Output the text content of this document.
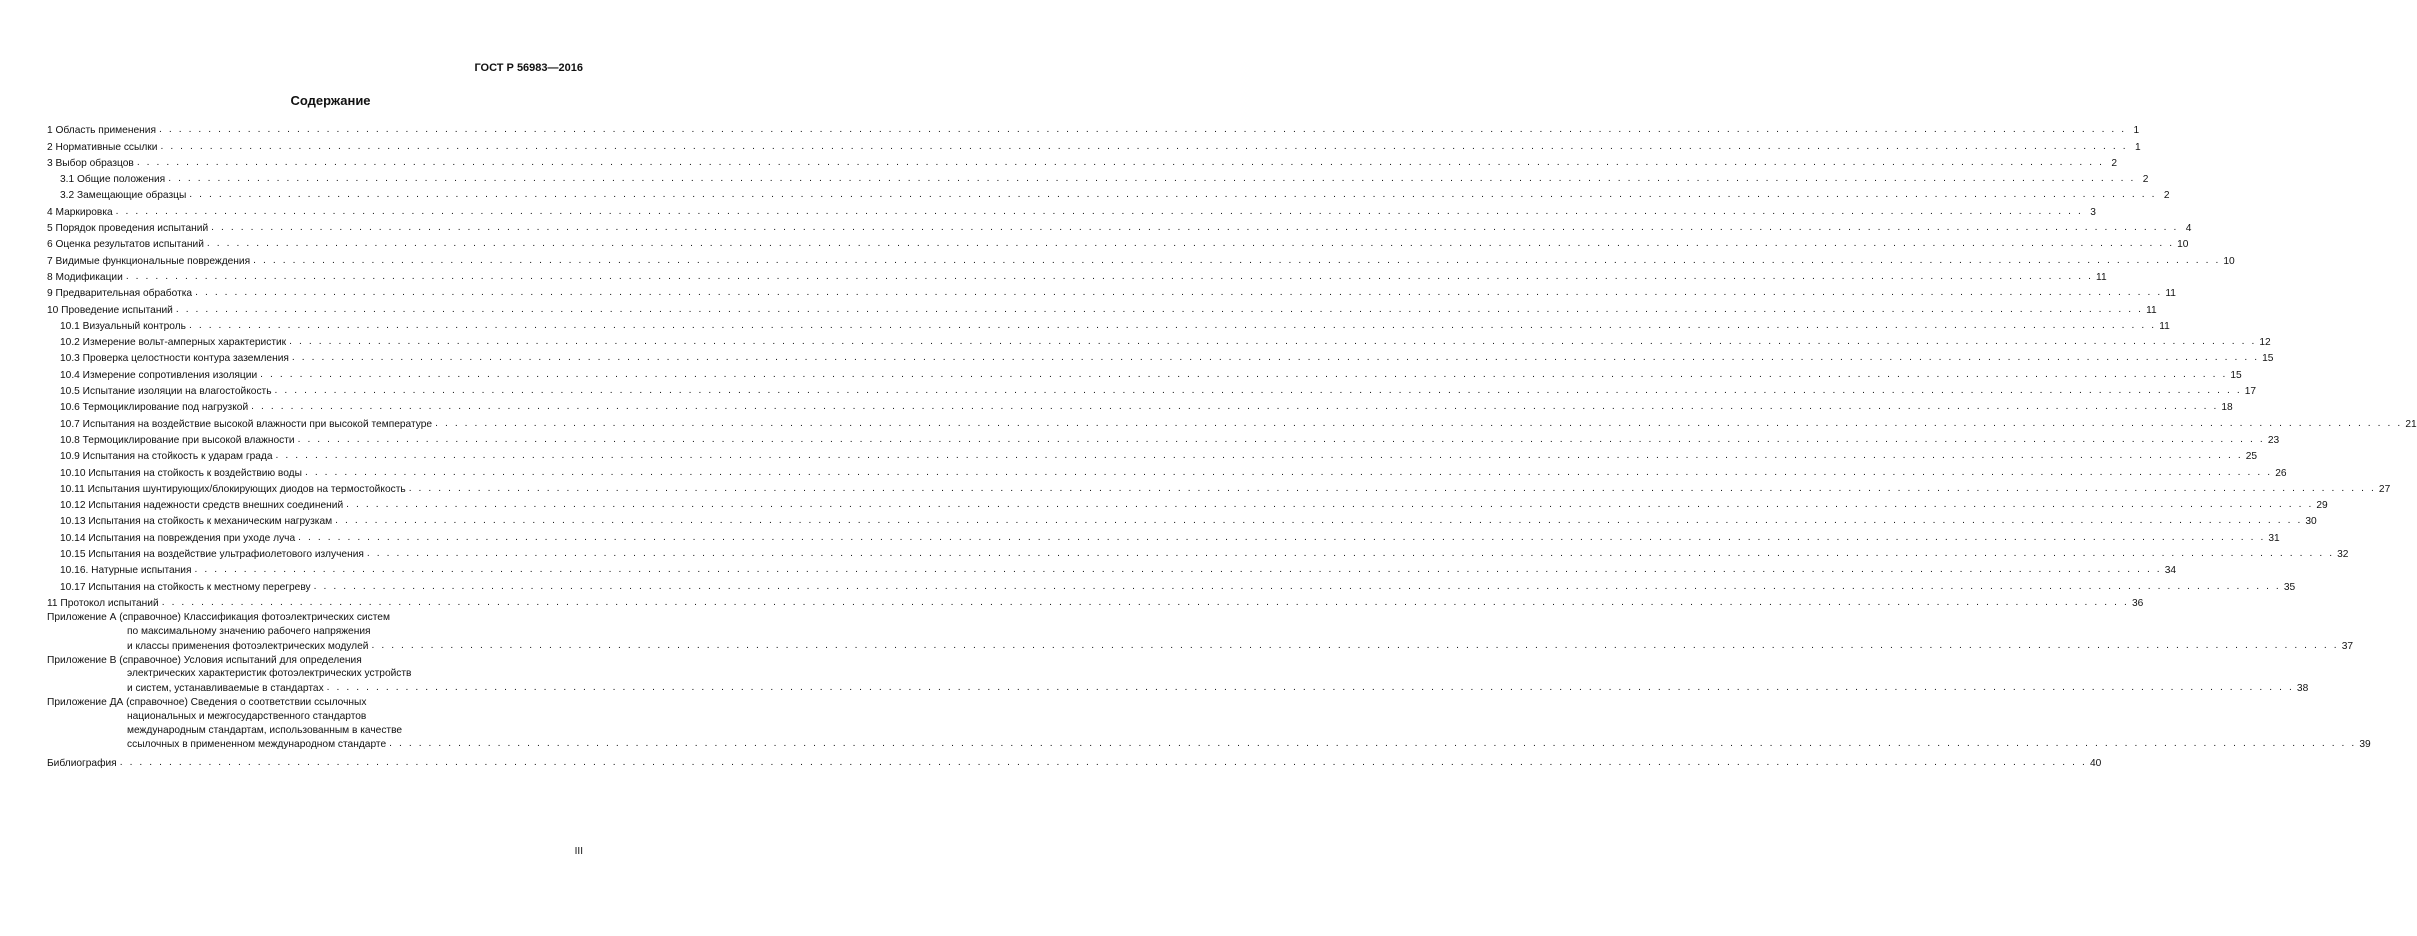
ГОСТ Р 56983—2016
Содержание
1 Область применения . . . . . . . . . . . . . . . . . . . . . . . . . . . . . . . . . . . . . . . . . . . . . . . . . . . . . . . . . . . . . . . . . . . . . . . . . . . . . . . . . . . . . . . . . . . . . . . . . . . . . . . . . . . . . . . . . . . . . . . . . . . . . . . . . . . . . . . . . . . . . . . . . . . . . . . . . . . . . . . . . . . . . . . . . . . . . . . . . . . . . . . . . . . . . . . . . . . . . . . . 1
2 Нормативные ссылки . . . . . . . . . . . . . . . . . . . . . . . . . . . . . . . . . . . . . . . . . . . . . . . . . . . . . . . . . . . . . . . . . . . . . . . . . . . . . . . . . . . . . . . . . . . . . . . . . . . . . . . . . . . . . . . . . . . . . . . . . . . . . . . . . . . . . . . . . . . . . . . . . . . . . . . . . . . . . . . . . . . . . . . . . . . . . . . . . . . . . . . . . . . . . . . . . . . . . . . . 1
3 Выбор образцов . . . . . . . . . . . . . . . . . . . . . . . . . . . . . . . . . . . . . . . . . . . . . . . . . . . . . . . . . . . . . . . . . . . . . . . . . . . . . . . . . . . . . . . . . . . . . . . . . . . . . . . . . . . . . . . . . . . . . . . . . . . . . . . . . . . . . . . . . . . . . . . . . . . . . . . . . . . . . . . . . . . . . . . . . . . . . . . . . . . . . . . . . . . . . . . . . . . . . . . . 2
3.1 Общие положения . . . . . . . . . . . . . . . . . . . . . . . . . . . . . . . . . . . . . . . . . . . . . . . . . . . . . . . . . . . . . . . . . . . . . . . . . . . . . . . . . . . . . . . . . . . . . . . . . . . . . . . . . . . . . . . . . . . . . . . . . . . . . . . . . . . . . . . . . . . . . . . . . . . . . . . . . . . . . . . . . . . . . . . . . . . . . . . . . . . . . . . . . . . . . . . . . . . . . . . . 2
3.2 Замещающие образцы . . . . . . . . . . . . . . . . . . . . . . . . . . . . . . . . . . . . . . . . . . . . . . . . . . . . . . . . . . . . . . . . . . . . . . . . . . . . . . . . . . . . . . . . . . . . . . . . . . . . . . . . . . . . . . . . . . . . . . . . . . . . . . . . . . . . . . . . . . . . . . . . . . . . . . . . . . . . . . . . . . . . . . . . . . . . . . . . . . . . . . . . . . . . . . . . . . . . . . . . 2
4 Маркировка . . . . . . . . . . . . . . . . . . . . . . . . . . . . . . . . . . . . . . . . . . . . . . . . . . . . . . . . . . . . . . . . . . . . . . . . . . . . . . . . . . . . . . . . . . . . . . . . . . . . . . . . . . . . . . . . . . . . . . . . . . . . . . . . . . . . . . . . . . . . . . . . . . . . . . . . . . . . . . . . . . . . . . . . . . . . . . . . . . . . . . . . . . . . . . . . . . . . . . . . 3
5 Порядок проведения испытаний . . . . . . . . . . . . . . . . . . . . . . . . . . . . . . . . . . . . . . . . . . . . . . . . . . . . . . . . . . . . . . . . . . . . . . . . . . . . . . . . . . . . . . . . . . . . . . . . . . . . . . . . . . . . . . . . . . . . . . . . . . . . . . . . . . . . . . . . . . . . . . . . . . . . . . . . . . . . . . . . . . . . . . . . . . . . . . . . . . . . . . . . . . . . . . . . . . . . . . . . 4
6 Оценка результатов испытаний . . . . . . . . . . . . . . . . . . . . . . . . . . . . . . . . . . . . . . . . . . . . . . . . . . . . . . . . . . . . . . . . . . . . . . . . . . . . . . . . . . . . . . . . . . . . . . . . . . . . . . . . . . . . . . . . . . . . . . . . . . . . . . . . . . . . . . . . . . . . . . . . . . . . . . . . . . . . . . . . . . . . . . . . . . . . . . . . . . . . . . . . . . . . . . . . . . . . . . . . 10
7 Видимые функциональные повреждения . . . . . . . . . . . . . . . . . . . . . . . . . . . . . . . . . . . . . . . . . . . . . . . . . . . . . . . . . . . . . . . . . . . . . . . . . . . . . . . . . . . . . . . . . . . . . . . . . . . . . . . . . . . . . . . . . . . . . . . . . . . . . . . . . . . . . . . . . . . . . . . . . . . . . . . . . . . . . . . . . . . . . . . . . . . . . . . . . . . . . . . . . . . . . . . . . . . . . . . . 10
8 Модификации . . . . . . . . . . . . . . . . . . . . . . . . . . . . . . . . . . . . . . . . . . . . . . . . . . . . . . . . . . . . . . . . . . . . . . . . . . . . . . . . . . . . . . . . . . . . . . . . . . . . . . . . . . . . . . . . . . . . . . . . . . . . . . . . . . . . . . . . . . . . . . . . . . . . . . . . . . . . . . . . . . . . . . . . . . . . . . . . . . . . . . . . . . . . . . . . . . . . . . . . 11
9 Предварительная обработка . . . . . . . . . . . . . . . . . . . . . . . . . . . . . . . . . . . . . . . . . . . . . . . . . . . . . . . . . . . . . . . . . . . . . . . . . . . . . . . . . . . . . . . . . . . . . . . . . . . . . . . . . . . . . . . . . . . . . . . . . . . . . . . . . . . . . . . . . . . . . . . . . . . . . . . . . . . . . . . . . . . . . . . . . . . . . . . . . . . . . . . . . . . . . . . . . . . . . . . . 11
10 Проведение испытаний . . . . . . . . . . . . . . . . . . . . . . . . . . . . . . . . . . . . . . . . . . . . . . . . . . . . . . . . . . . . . . . . . . . . . . . . . . . . . . . . . . . . . . . . . . . . . . . . . . . . . . . . . . . . . . . . . . . . . . . . . . . . . . . . . . . . . . . . . . . . . . . . . . . . . . . . . . . . . . . . . . . . . . . . . . . . . . . . . . . . . . . . . . . . . . . . . . . . . . . . 11
10.1 Визуальный контроль . . . . . . . . . . . . . . . . . . . . . . . . . . . . . . . . . . . . . . . . . . . . . . . . . . . . . . . . . . . . . . . . . . . . . . . . . . . . . . . . . . . . . . . . . . . . . . . . . . . . . . . . . . . . . . . . . . . . . . . . . . . . . . . . . . . . . . . . . . . . . . . . . . . . . . . . . . . . . . . . . . . . . . . . . . . . . . . . . . . . . . . . . . . . . . . . . . . . . . . . 11
10.2 Измерение вольт-амперных характеристик . . . . . . . . . . . . . . . . . . . . . . . . . . . . . . . . . . . . . . . . . . . . . . . . . . . . . . . . . . . . . . . . . . . . . . . . . . . . . . . . . . . . . . . . . . . . . . . . . . . . . . . . . . . . . . . . . . . . . . . . . . . . . . . . . . . . . . . . . . . . . . . . . . . . . . . . . . . . . . . . . . . . . . . . . . . . . . . . . . . . . . . . . . . . . . . . . . . . . . . . 12
10.3 Проверка целостности контура заземления . . . . . . . . . . . . . . . . . . . . . . . . . . . . . . . . . . . . . . . . . . . . . . . . . . . . . . . . . . . . . . . . . . . . . . . . . . . . . . . . . . . . . . . . . . . . . . . . . . . . . . . . . . . . . . . . . . . . . . . . . . . . . . . . . . . . . . . . . . . . . . . . . . . . . . . . . . . . . . . . . . . . . . . . . . . . . . . . . . . . . . . . . . . . . . . . . . . . . . . . 15
10.4 Измерение сопротивления изоляции . . . . . . . . . . . . . . . . . . . . . . . . . . . . . . . . . . . . . . . . . . . . . . . . . . . . . . . . . . . . . . . . . . . . . . . . . . . . . . . . . . . . . . . . . . . . . . . . . . . . . . . . . . . . . . . . . . . . . . . . . . . . . . . . . . . . . . . . . . . . . . . . . . . . . . . . . . . . . . . . . . . . . . . . . . . . . . . . . . . . . . . . . . . . . . . . . . . . . . . . 15
10.5 Испытание изоляции на влагостойкость . . . . . . . . . . . . . . . . . . . . . . . . . . . . . . . . . . . . . . . . . . . . . . . . . . . . . . . . . . . . . . . . . . . . . . . . . . . . . . . . . . . . . . . . . . . . . . . . . . . . . . . . . . . . . . . . . . . . . . . . . . . . . . . . . . . . . . . . . . . . . . . . . . . . . . . . . . . . . . . . . . . . . . . . . . . . . . . . . . . . . . . . . . . . . . . . . . . . . . . . 17
10.6 Термоциклирование под нагрузкой . . . . . . . . . . . . . . . . . . . . . . . . . . . . . . . . . . . . . . . . . . . . . . . . . . . . . . . . . . . . . . . . . . . . . . . . . . . . . . . . . . . . . . . . . . . . . . . . . . . . . . . . . . . . . . . . . . . . . . . . . . . . . . . . . . . . . . . . . . . . . . . . . . . . . . . . . . . . . . . . . . . . . . . . . . . . . . . . . . . . . . . . . . . . . . . . . . . . . . . . 18
10.7 Испытания на воздействие высокой влажности при высокой температуре . . . . . . . . . . . . . . . . . . . . . . . . . . . . . . . . . . . . . . . . . . . . . . . . . . . . . . . . . . . . . . . . . . . . . . . . . . . . . . . . . . . . . . . . . . . . . . . . . . . . . . . . . . . . . . . . . . . . . . . . . . . . . . . . . . . . . . . . . . . . . . . . . . . . . . . . . . . . . . . . . . . . . . . . . . . . . . . . . . . . . . . . . . . . . . . . . . . . . . . . 21
10.8 Термоциклирование при высокой влажности . . . . . . . . . . . . . . . . . . . . . . . . . . . . . . . . . . . . . . . . . . . . . . . . . . . . . . . . . . . . . . . . . . . . . . . . . . . . . . . . . . . . . . . . . . . . . . . . . . . . . . . . . . . . . . . . . . . . . . . . . . . . . . . . . . . . . . . . . . . . . . . . . . . . . . . . . . . . . . . . . . . . . . . . . . . . . . . . . . . . . . . . . . . . . . . . . . . . . . . . 23
10.9 Испытания на стойкость к ударам града . . . . . . . . . . . . . . . . . . . . . . . . . . . . . . . . . . . . . . . . . . . . . . . . . . . . . . . . . . . . . . . . . . . . . . . . . . . . . . . . . . . . . . . . . . . . . . . . . . . . . . . . . . . . . . . . . . . . . . . . . . . . . . . . . . . . . . . . . . . . . . . . . . . . . . . . . . . . . . . . . . . . . . . . . . . . . . . . . . . . . . . . . . . . . . . . . . . . . . . . 25
10.10 Испытания на стойкость к воздействию воды . . . . . . . . . . . . . . . . . . . . . . . . . . . . . . . . . . . . . . . . . . . . . . . . . . . . . . . . . . . . . . . . . . . . . . . . . . . . . . . . . . . . . . . . . . . . . . . . . . . . . . . . . . . . . . . . . . . . . . . . . . . . . . . . . . . . . . . . . . . . . . . . . . . . . . . . . . . . . . . . . . . . . . . . . . . . . . . . . . . . . . . . . . . . . . . . . . . . . . . . 26
10.11 Испытания шунтирующих/блокирующих диодов на термостойкость . . . . . . . . . . . . . . . . . . . . . . . . . . . . . . . . . . . . . . . . . . . . . . . . . . . . . . . . . . . . . . . . . . . . . . . . . . . . . . . . . . . . . . . . . . . . . . . . . . . . . . . . . . . . . . . . . . . . . . . . . . . . . . . . . . . . . . . . . . . . . . . . . . . . . . . . . . . . . . . . . . . . . . . . . . . . . . . . . . . . . . . . . . . . . . . . . . . . . . . . 27
10.12 Испытания надежности средств внешних соединений . . . . . . . . . . . . . . . . . . . . . . . . . . . . . . . . . . . . . . . . . . . . . . . . . . . . . . . . . . . . . . . . . . . . . . . . . . . . . . . . . . . . . . . . . . . . . . . . . . . . . . . . . . . . . . . . . . . . . . . . . . . . . . . . . . . . . . . . . . . . . . . . . . . . . . . . . . . . . . . . . . . . . . . . . . . . . . . . . . . . . . . . . . . . . . . . . . . . . . . . 29
10.13 Испытания на стойкость к механическим нагрузкам . . . . . . . . . . . . . . . . . . . . . . . . . . . . . . . . . . . . . . . . . . . . . . . . . . . . . . . . . . . . . . . . . . . . . . . . . . . . . . . . . . . . . . . . . . . . . . . . . . . . . . . . . . . . . . . . . . . . . . . . . . . . . . . . . . . . . . . . . . . . . . . . . . . . . . . . . . . . . . . . . . . . . . . . . . . . . . . . . . . . . . . . . . . . . . . . . . . . . . . . 30
10.14 Испытания на повреждения при уходе луча . . . . . . . . . . . . . . . . . . . . . . . . . . . . . . . . . . . . . . . . . . . . . . . . . . . . . . . . . . . . . . . . . . . . . . . . . . . . . . . . . . . . . . . . . . . . . . . . . . . . . . . . . . . . . . . . . . . . . . . . . . . . . . . . . . . . . . . . . . . . . . . . . . . . . . . . . . . . . . . . . . . . . . . . . . . . . . . . . . . . . . . . . . . . . . . . . . . . . . . . 31
10.15 Испытания на воздействие ультрафиолетового излучения . . . . . . . . . . . . . . . . . . . . . . . . . . . . . . . . . . . . . . . . . . . . . . . . . . . . . . . . . . . . . . . . . . . . . . . . . . . . . . . . . . . . . . . . . . . . . . . . . . . . . . . . . . . . . . . . . . . . . . . . . . . . . . . . . . . . . . . . . . . . . . . . . . . . . . . . . . . . . . . . . . . . . . . . . . . . . . . . . . . . . . . . . . . . . . . . . . . . . . . . 32
10.16. Натурные испытания . . . . . . . . . . . . . . . . . . . . . . . . . . . . . . . . . . . . . . . . . . . . . . . . . . . . . . . . . . . . . . . . . . . . . . . . . . . . . . . . . . . . . . . . . . . . . . . . . . . . . . . . . . . . . . . . . . . . . . . . . . . . . . . . . . . . . . . . . . . . . . . . . . . . . . . . . . . . . . . . . . . . . . . . . . . . . . . . . . . . . . . . . . . . . . . . . . . . . . . . 34
10.17 Испытания на стойкость к местному перегреву . . . . . . . . . . . . . . . . . . . . . . . . . . . . . . . . . . . . . . . . . . . . . . . . . . . . . . . . . . . . . . . . . . . . . . . . . . . . . . . . . . . . . . . . . . . . . . . . . . . . . . . . . . . . . . . . . . . . . . . . . . . . . . . . . . . . . . . . . . . . . . . . . . . . . . . . . . . . . . . . . . . . . . . . . . . . . . . . . . . . . . . . . . . . . . . . . . . . . . . . 35
11 Протокол испытаний . . . . . . . . . . . . . . . . . . . . . . . . . . . . . . . . . . . . . . . . . . . . . . . . . . . . . . . . . . . . . . . . . . . . . . . . . . . . . . . . . . . . . . . . . . . . . . . . . . . . . . . . . . . . . . . . . . . . . . . . . . . . . . . . . . . . . . . . . . . . . . . . . . . . . . . . . . . . . . . . . . . . . . . . . . . . . . . . . . . . . . . . . . . . . . . . . . . . . . . . 36
Приложение А (справочное) Классификация фотоэлектрических систем
по максимальному значению рабочего напряжения
и классы применения фотоэлектрических модулей . . . . . . . . . . . . . . . . . . . . . . . . . . . . . . . . . . . . . . . . . . . . . . . . . . . . . . . . . . . . . . . . . . . . . . . . . . . . . . . . . . . . . . . . . . . . . . . . . . . . . . . . . . . . . . . . . . . . . . . . . . . . . . . . . . . . . . . . . . . . . . . . . . . . . . . . . . . . . . . . . . . . . . . . . . . . . . . . . . . . . . . . . . . . . . . . . . . . . . . . 37
Приложение В (справочное) Условия испытаний для определения
электрических характеристик фотоэлектрических устройств
и систем, устанавливаемые в стандартах . . . . . . . . . . . . . . . . . . . . . . . . . . . . . . . . . . . . . . . . . . . . . . . . . . . . . . . . . . . . . . . . . . . . . . . . . . . . . . . . . . . . . . . . . . . . . . . . . . . . . . . . . . . . . . . . . . . . . . . . . . . . . . . . . . . . . . . . . . . . . . . . . . . . . . . . . . . . . . . . . . . . . . . . . . . . . . . . . . . . . . . . . . . . . . . . . . . . . . . . 38
Приложение ДА (справочное) Сведения о соответствии ссылочных
национальных и межгосударственного стандартов
международным стандартам, использованным в качестве
ссылочных в примененном международном стандарте . . . . . . . . . . . . . . . . . . . . . . . . . . . . . . . . . . . . . . . . . . . . . . . . . . . . . . . . . . . . . . . . . . . . . . . . . . . . . . . . . . . . . . . . . . . . . . . . . . . . . . . . . . . . . . . . . . . . . . . . . . . . . . . . . . . . . . . . . . . . . . . . . . . . . . . . . . . . . . . . . . . . . . . . . . . . . . . . . . . . . . . . . . . . . . . . . . . . . . . . 39
Библиография . . . . . . . . . . . . . . . . . . . . . . . . . . . . . . . . . . . . . . . . . . . . . . . . . . . . . . . . . . . . . . . . . . . . . . . . . . . . . . . . . . . . . . . . . . . . . . . . . . . . . . . . . . . . . . . . . . . . . . . . . . . . . . . . . . . . . . . . . . . . . . . . . . . . . . . . . . . . . . . . . . . . . . . . . . . . . . . . . . . . . . . . . . . . . . . . . . . . . . . . 40
III
